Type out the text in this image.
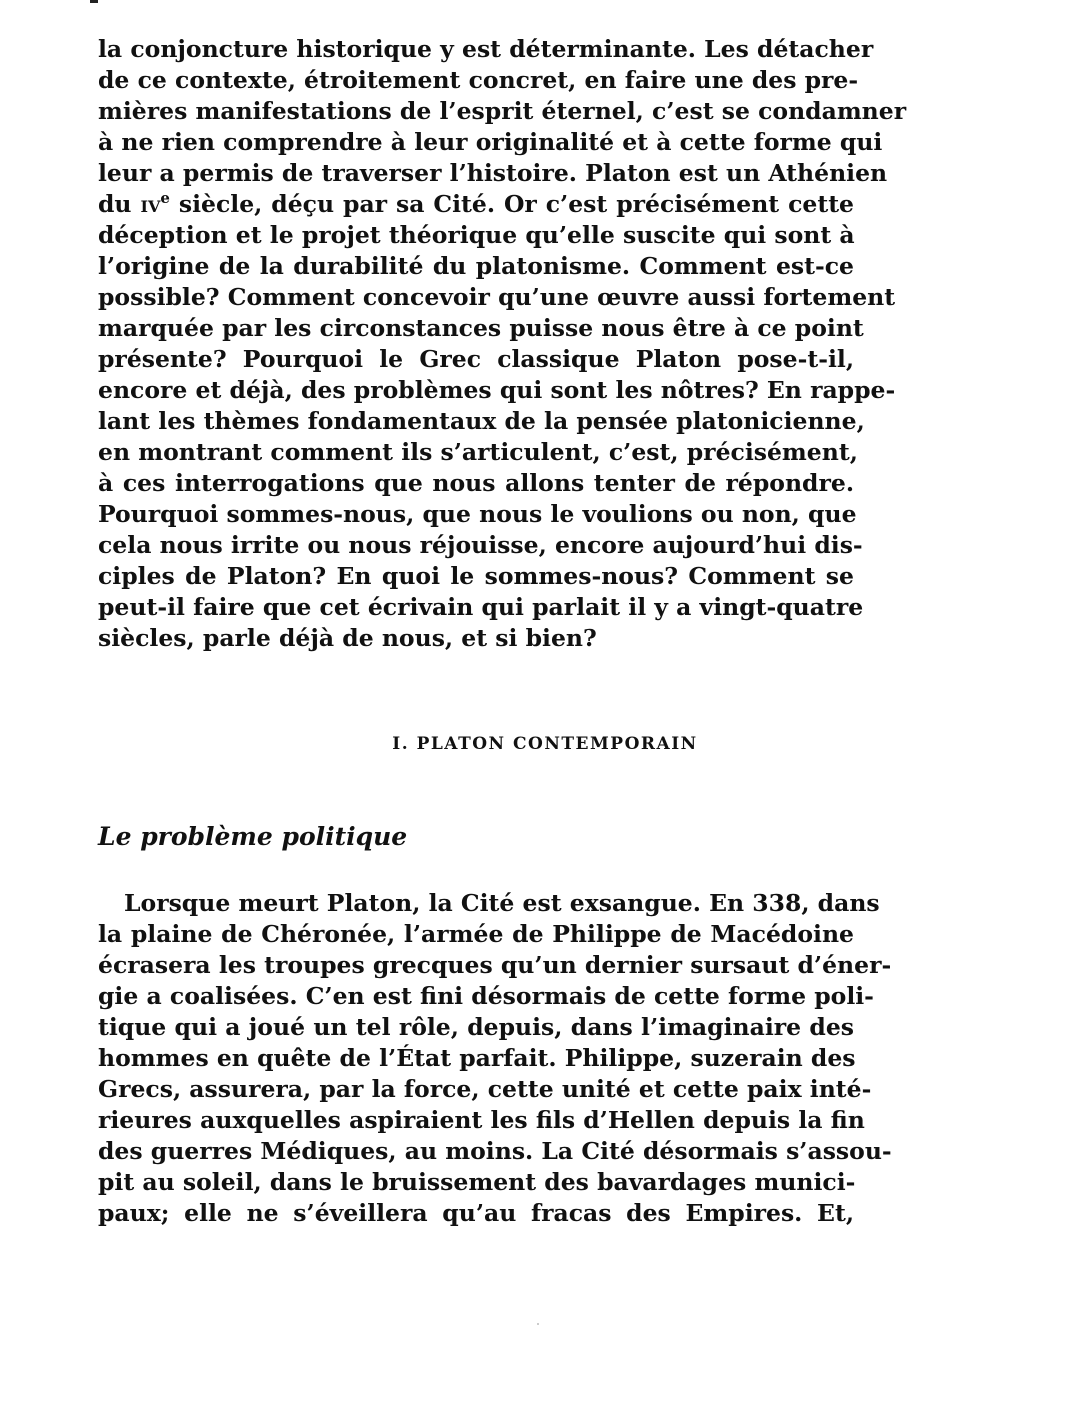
la conjoncture historique y est déterminante. Les détacher
de ce contexte, étroitement concret, en faire une des pre-
mières manifestations de l’esprit éternel, c’est se condamner
à ne rien comprendre à leur originalité et à cette forme qui
leur a permis de traverser l’histoire. Platon est un Athénien
du $iv^e$ siècle, déçu par sa Cité. Or c’est précisément cette
déception et le projet théorique qu’elle suscite qui sont à
l’origine de la durabilité du platonisme. Comment est-ce
possible? Comment concevoir qu’une œuvre aussi fortement
marquée par les circonstances puisse nous être à ce point
présente? Pourquoi le Grec classique Platon pose-t-il,
encore et déjà, des problèmes qui sont les nôtres? En rappe-
lant les thèmes fondamentaux de la pensée platonicienne,
en montrant comment ils s’articulent, c’est, précisément,
à ces interrogations que nous allons tenter de répondre.
Pourquoi sommes-nous, que nous le voulions ou non, que
cela nous irrite ou nous réjouisse, encore aujourd’hui dis-
ciples de Platon? En quoi le sommes-nous? Comment se
peut-il faire que cet écrivain qui parlait il y a vingt-quatre
siècles, parle déjà de nous, et si bien?
I. PLATON CONTEMPORAIN
Le problème politique
Lorsque meurt Platon, la Cité est exsangue. En 338, dans
la plaine de Chéronée, l’armée de Philippe de Macédoine
écrasera les troupes grecques qu’un dernier sursaut d’éner-
gie a coalisées. C’en est fini désormais de cette forme poli-
tique qui a joué un tel rôle, depuis, dans l’imaginaire des
hommes en quête de l’État parfait. Philippe, suzerain des
Grecs, assurera, par la force, cette unité et cette paix inté-
rieures auxquelles aspiraient les fils d’Hellen depuis la fin
des guerres Médiques, au moins. La Cité désormais s’assou-
pit au soleil, dans le bruissement des bavardages munici-
paux; elle ne s’éveillera qu’au fracas des Empires. Et,
